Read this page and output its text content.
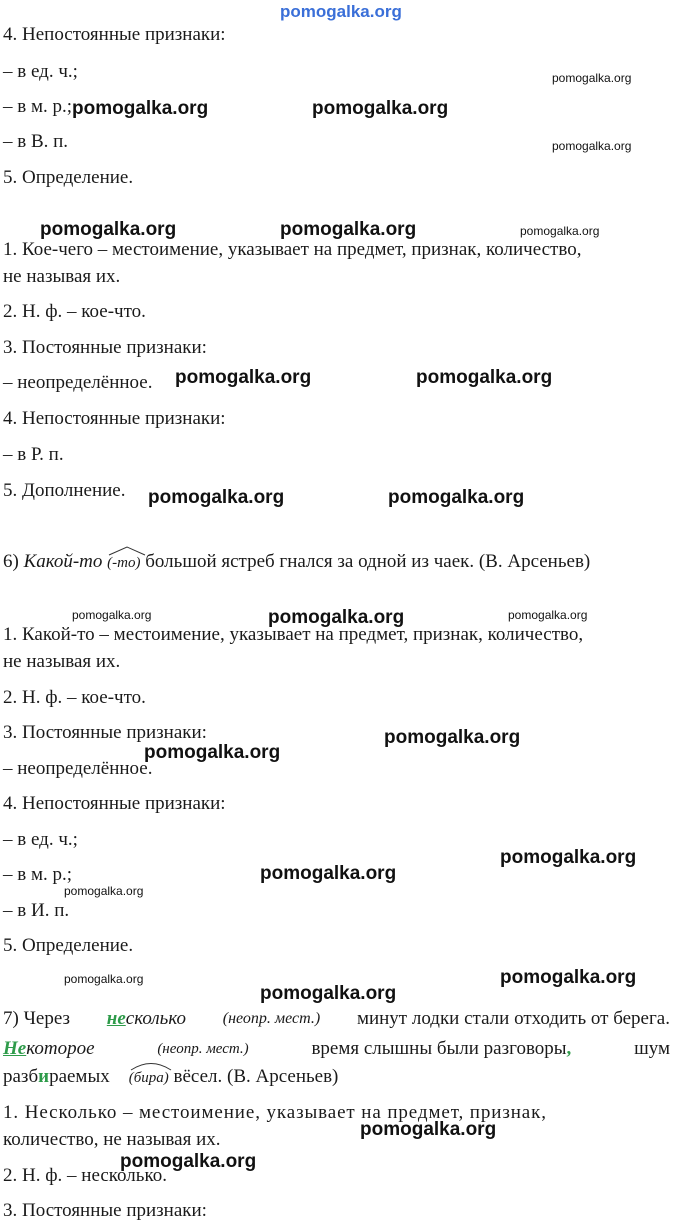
pomogalka.org
4. Непостоянные признаки:
– в ед. ч.;
– в м. р.;
– в В. п.
5. Определение.
1. Кое-чего – местоимение, указывает на предмет, признак, количество,
не называя их.
2. Н. ф. – кое-что.
3. Постоянные признаки:
– неопределённое.
4. Непостоянные признаки:
– в Р. п.
5. Дополнение.
6) Какой-то (-то) большой ястреб гнался за одной из чаек. (В. Арсеньев)
1. Какой-то – местоимение, указывает на предмет, признак, количество,
не называя их.
2. Н. ф. – кое-что.
3. Постоянные признаки:
– неопределённое.
4. Непостоянные признаки:
– в ед. ч.;
– в м. р.;
– в И. п.
5. Определение.
7) Через несколько (неопр. мест.) минут лодки стали отходить от берега.
Некоторое	(неопр. мест.)	время слышны были разговоры,	шум
разбираемых (бира) вёсел. (В. Арсеньев)
1. Несколько – местоимение, указывает на предмет, признак,
количество, не называя их.
2. Н. ф. – несколько.
3. Постоянные признаки:
pomogalka.org	pomogalka.org
pomogalka.org
pomogalka.org
pomogalka.org	pomogalka.org	pomogalka.org
pomogalka.org	pomogalka.org
pomogalka.org	pomogalka.org
pomogalka.org	pomogalka.org	pomogalka.org
pomogalka.org
pomogalka.org
pomogalka.org
pomogalka.org
pomogalka.org
pomogalka.org	pomogalka.org
pomogalka.org
pomogalka.org
pomogalka.org
